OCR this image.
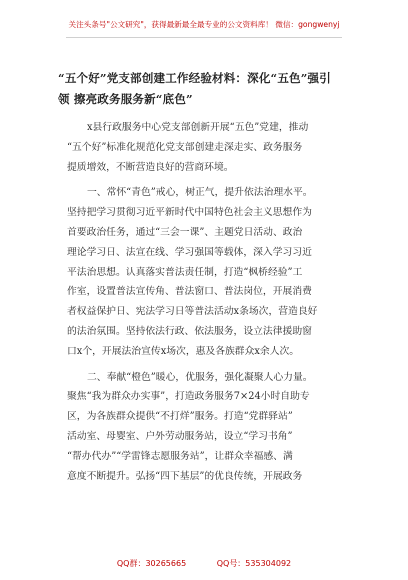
关注头条号"公文研究"，获得最新最全最专业的公文资料库！ 微信：gongwenyj
“五个好”党支部创建工作经验材料：深化“五色”强引
领 擦亮政务服务新“底色”
x县行政服务中心党支部创新开展“五色”党建，推动
“五个好”标准化规范化党支部创建走深走实、政务服务
提质增效，不断营造良好的营商环境。
一、常怀“青色”戒心，树正气，提升依法治理水平。
坚持把学习贯彻习近平新时代中国特色社会主义思想作为
首要政治任务，通过“三会一课”、主题党日活动、政治
理论学习日、法宣在线、学习强国等载体，深入学习习近
平法治思想。认真落实普法责任制，打造“枫桥经验”工
作室，设置普法宣传角、普法窗口、普法岗位，开展消费
者权益保护日、宪法学习日等普法活动x条场次，营造良好
的法治氛围。坚持依法行政、依法服务，设立法律援助窗
口x个，开展法治宣传x场次，惠及各族群众x余人次。
二、奉献“橙色”暖心，优服务，强化凝聚人心力量。
聚焦“我为群众办实事”，打造政务服务7×24小时自助专
区，为各族群众提供“不打烊”服务。打造“党群驿站”
活动室、母婴室、户外劳动服务站，设立“学习书角”
“帮办代办”“学雷锋志愿服务站”，让群众幸福感、满
意度不断提升。弘扬“四下基层”的优良传统，开展政务
QQ群：30265665	QQ号：535304092
